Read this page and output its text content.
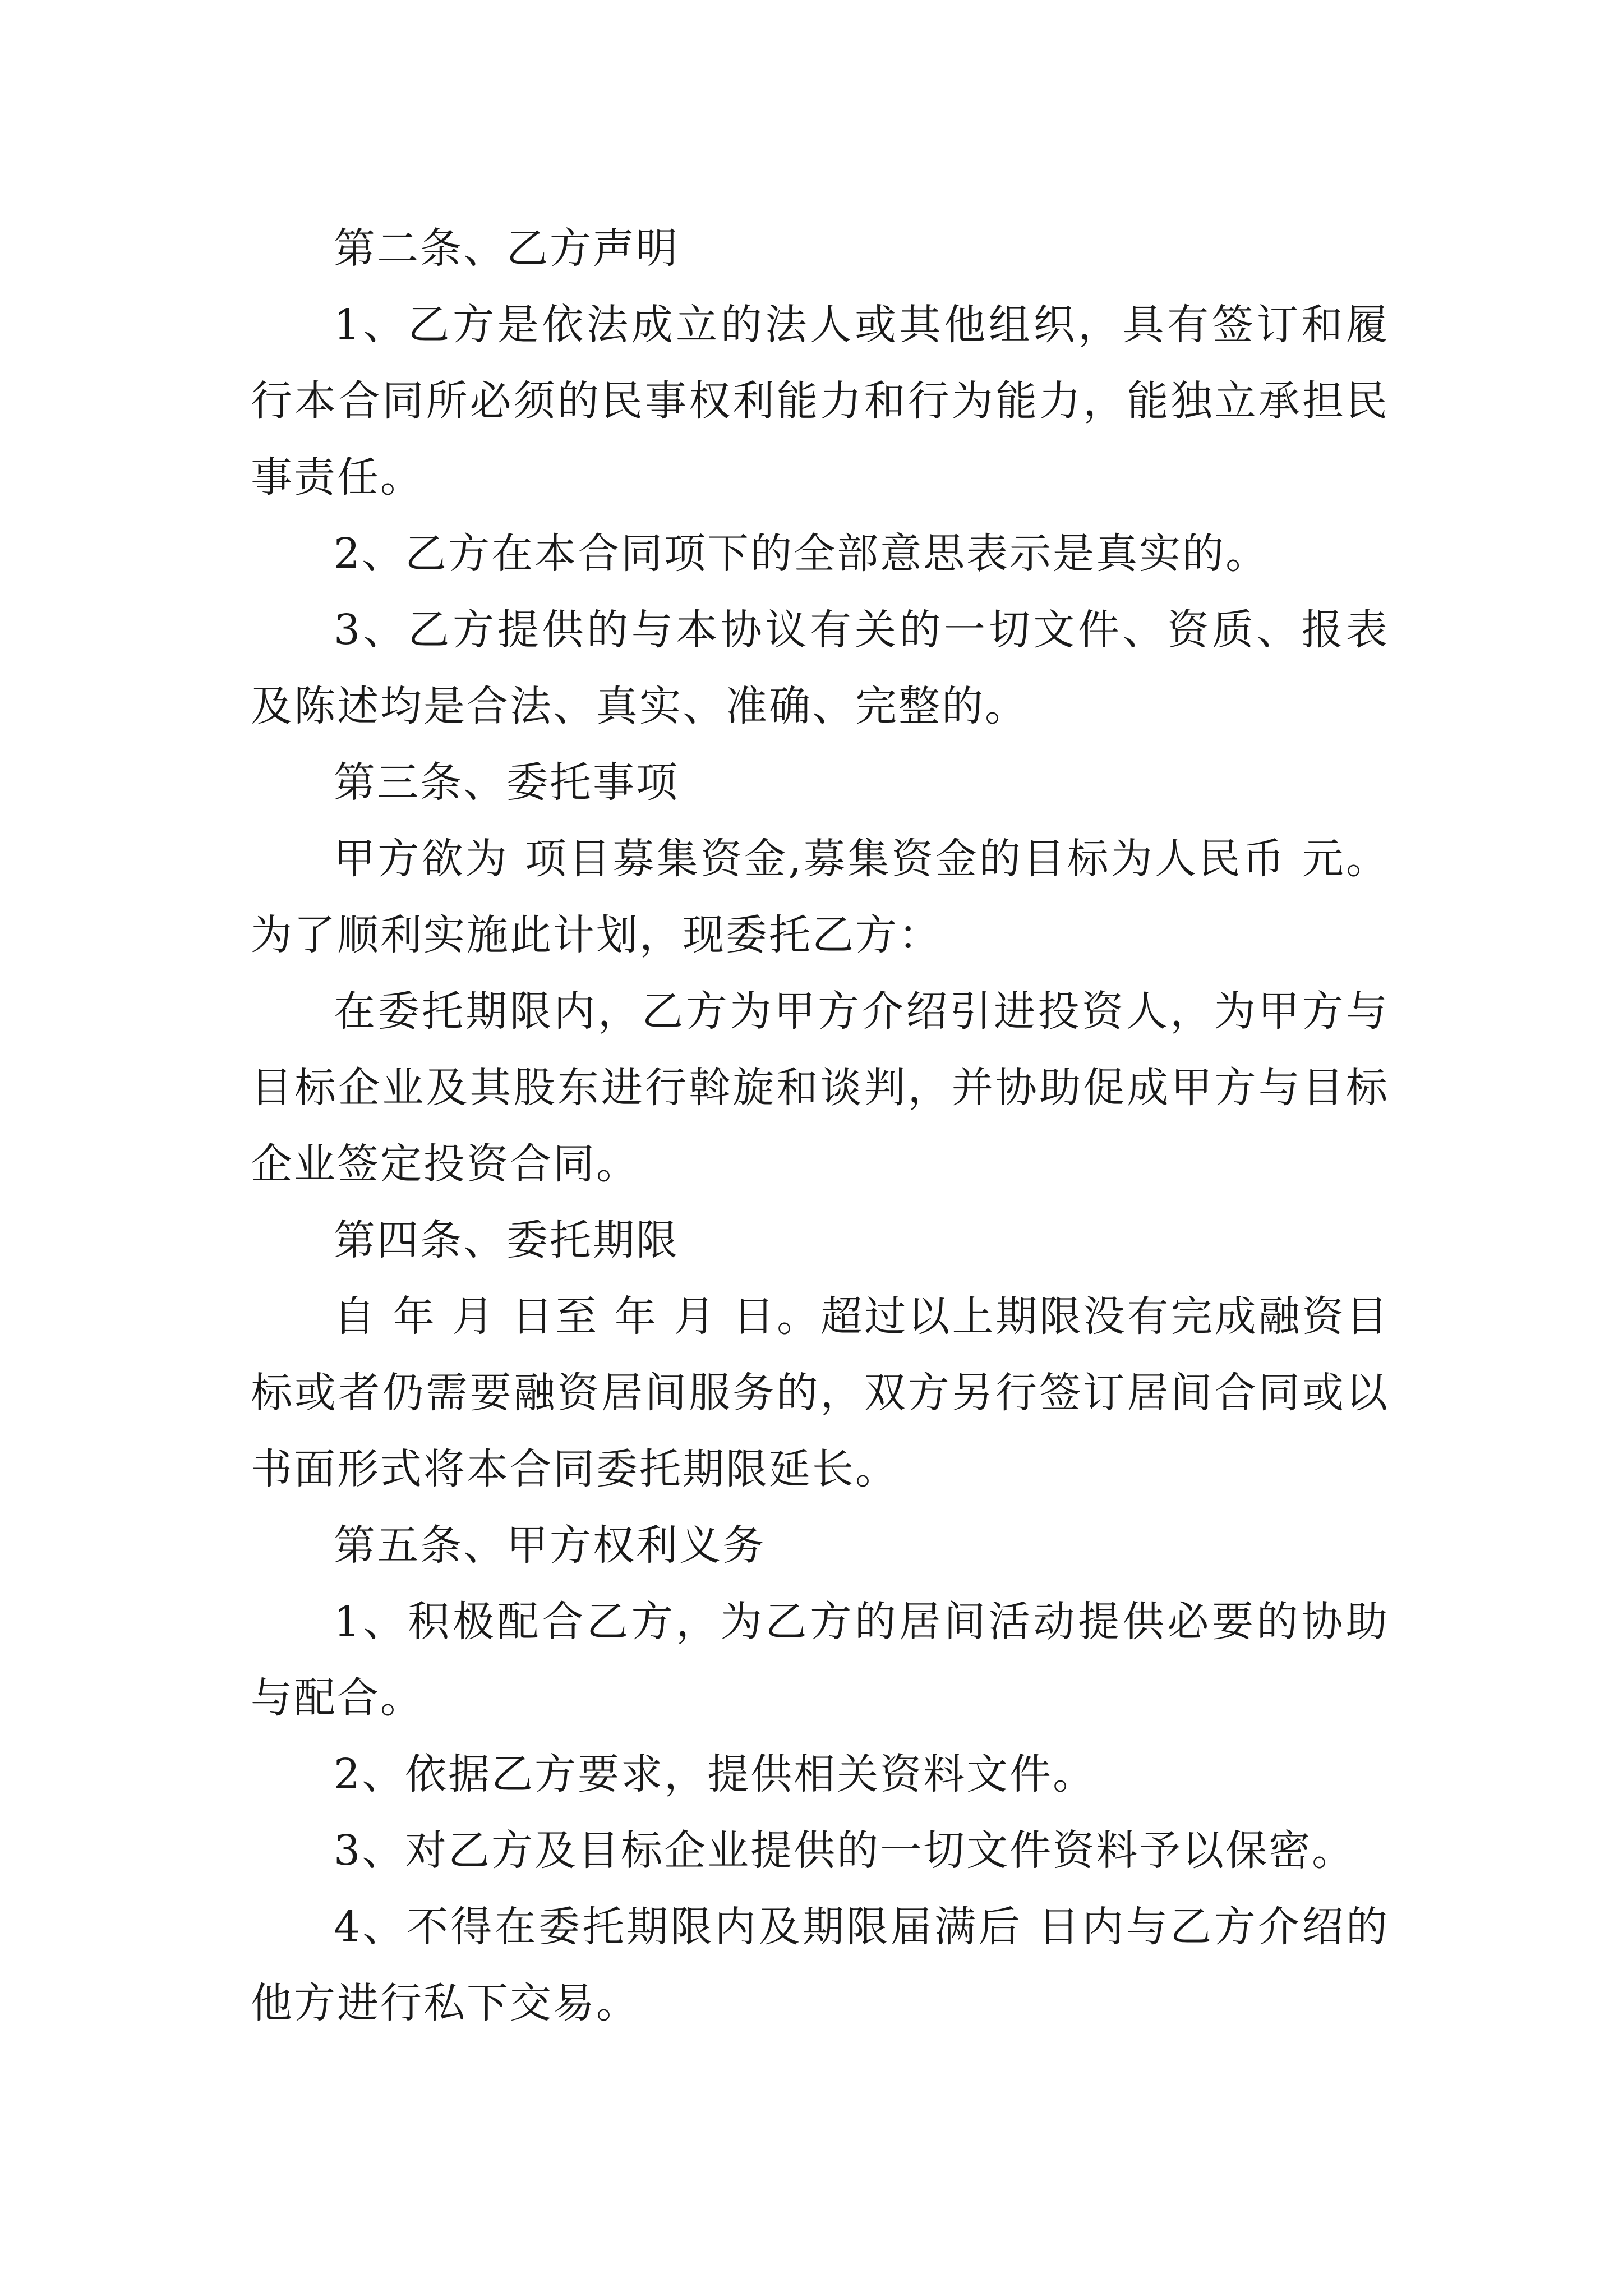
第二条、乙方声明

1、乙方是依法成立的法人或其他组织，具有签订和履行本合同所必须的民事权利能力和行为能力，能独立承担民事责任。

2、乙方在本合同项下的全部意思表示是真实的。

3、乙方提供的与本协议有关的一切文件、资质、报表及陈述均是合法、真实、准确、完整的。

第三条、委托事项

甲方欲为 项目募集资金,募集资金的目标为人民币 元。为了顺利实施此计划，现委托乙方：

在委托期限内，乙方为甲方介绍引进投资人，为甲方与目标企业及其股东进行斡旋和谈判，并协助促成甲方与目标企业签定投资合同。

第四条、委托期限

自 年 月 日至 年 月 日。超过以上期限没有完成融资目标或者仍需要融资居间服务的，双方另行签订居间合同或以书面形式将本合同委托期限延长。

第五条、甲方权利义务

1、积极配合乙方，为乙方的居间活动提供必要的协助与配合。

2、依据乙方要求，提供相关资料文件。

3、对乙方及目标企业提供的一切文件资料予以保密。

4、不得在委托期限内及期限届满后 日内与乙方介绍的他方进行私下交易。
